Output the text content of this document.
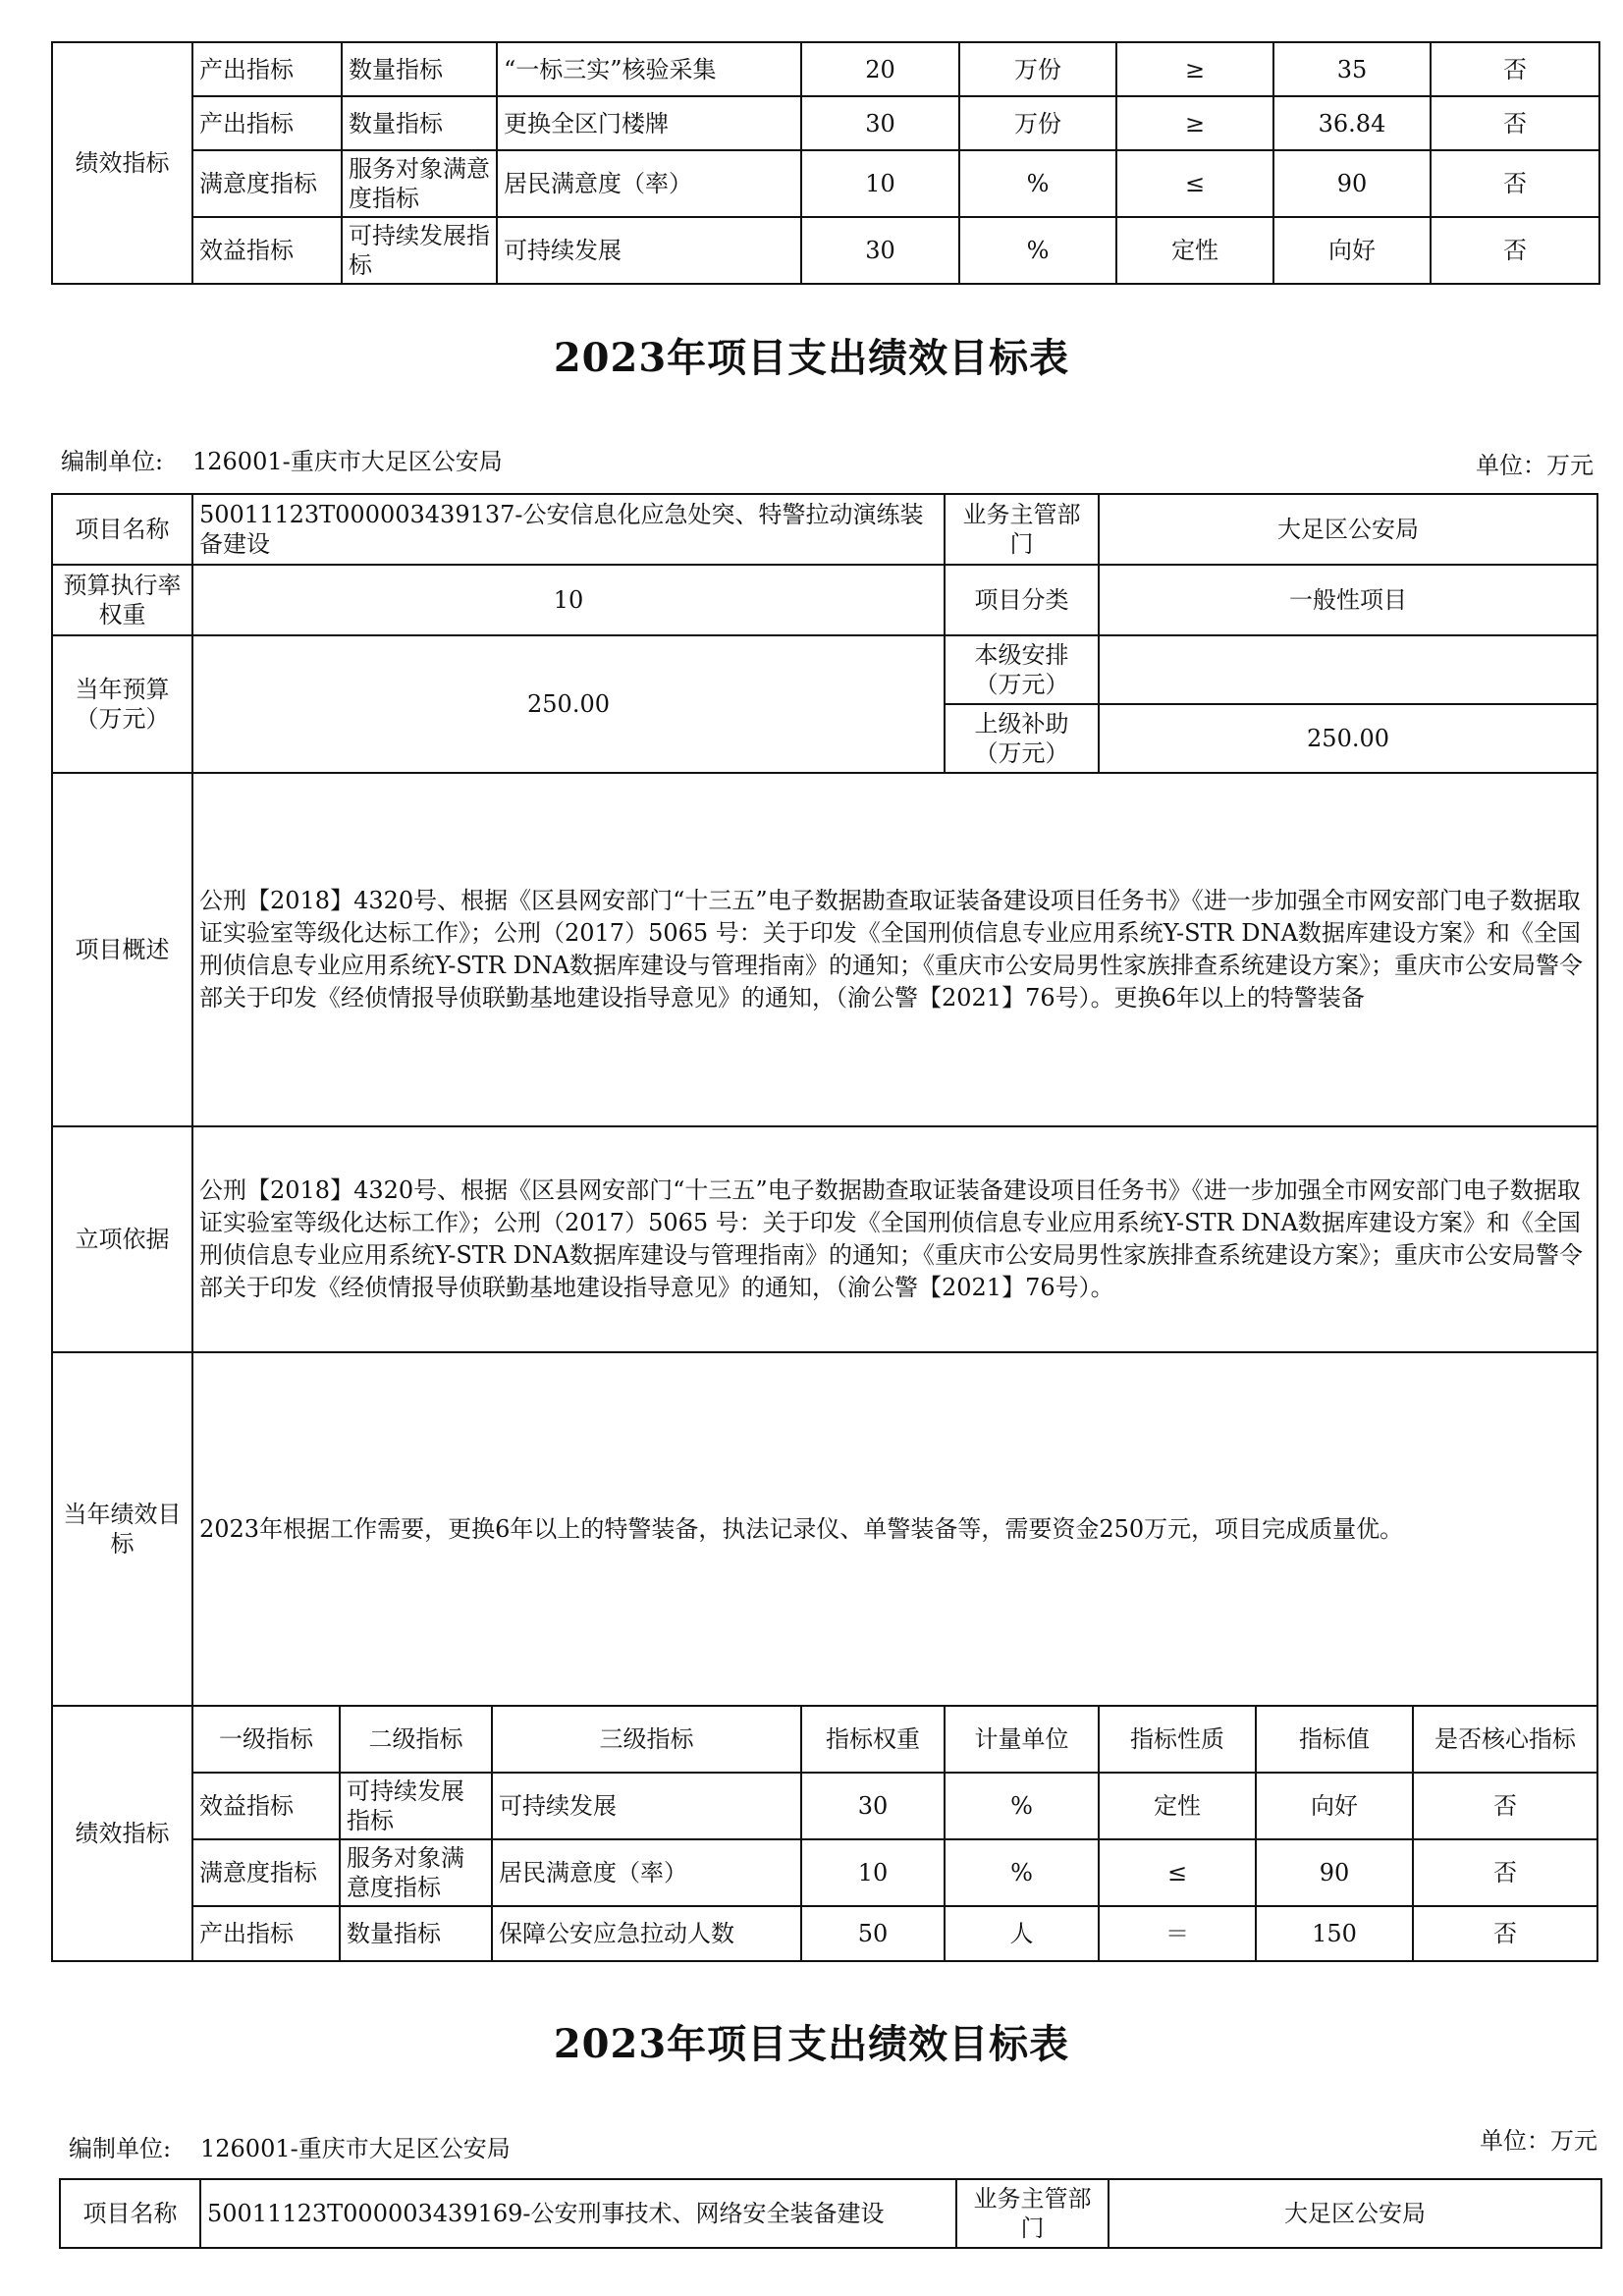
绩效指标	产出指标	数量指标	“一标三实”核验采集	20	万份	≥	35	否
	产出指标	数量指标	更换全区门楼牌	30	万份	≥	36.84	否
	满意度指标	服务对象满意度指标	居民满意度（率）	10	%	≤	90	否
	效益指标	可持续发展指标	可持续发展	30	%	定性	向好	否
2023年项目支出绩效目标表
编制单位: 126001-重庆市大足区公安局	单位：万元
项目名称	50011123T000003439137-公安信息化应急处突、特警拉动演练装备建设				业务主管部门	大足区公安局		
预算执行率权重	10				项目分类	一般性项目		
当年预算（万元）	250.00				本级安排（万元）			
					上级补助（万元）	250.00		
项目概述	公刑【2018】4320号、根据《区县网安部门“十三五”电子数据勘查取证装备建设项目任务书》《进一步加强全市网安部门电子数据取证实验室等级化达标工作》；公刑（2017）5065 号：关于印发《全国刑侦信息专业应用系统Y-STR DNA数据库建设方案》和《全国刑侦信息专业应用系统Y-STR DNA数据库建设与管理指南》的通知；《重庆市公安局男性家族排查系统建设方案》；重庆市公安局警令部关于印发《经侦情报导侦联勤基地建设指导意见》的通知，（渝公警【2021】76号）。更换6年以上的特警装备							
立项依据	公刑【2018】4320号、根据《区县网安部门“十三五”电子数据勘查取证装备建设项目任务书》《进一步加强全市网安部门电子数据取证实验室等级化达标工作》；公刑（2017）5065 号：关于印发《全国刑侦信息专业应用系统Y-STR DNA数据库建设方案》和《全国刑侦信息专业应用系统Y-STR DNA数据库建设与管理指南》的通知；《重庆市公安局男性家族排查系统建设方案》；重庆市公安局警令部关于印发《经侦情报导侦联勤基地建设指导意见》的通知，（渝公警【2021】76号）。							
当年绩效目标	2023年根据工作需要，更换6年以上的特警装备，执法记录仪、单警装备等，需要资金250万元，项目完成质量优。							
绩效指标	一级指标	二级指标	三级指标	指标权重	计量单位	指标性质	指标值	是否核心指标
	效益指标	可持续发展指标	可持续发展	30	%	定性	向好	否
	满意度指标	服务对象满意度指标	居民满意度（率）	10	%	≤	90	否
	产出指标	数量指标	保障公安应急拉动人数	50	人	＝	150	否
2023年项目支出绩效目标表
编制单位: 126001-重庆市大足区公安局	单位：万元
项目名称	50011123T000003439169-公安刑事技术、网络安全装备建设	业务主管部门	大足区公安局
